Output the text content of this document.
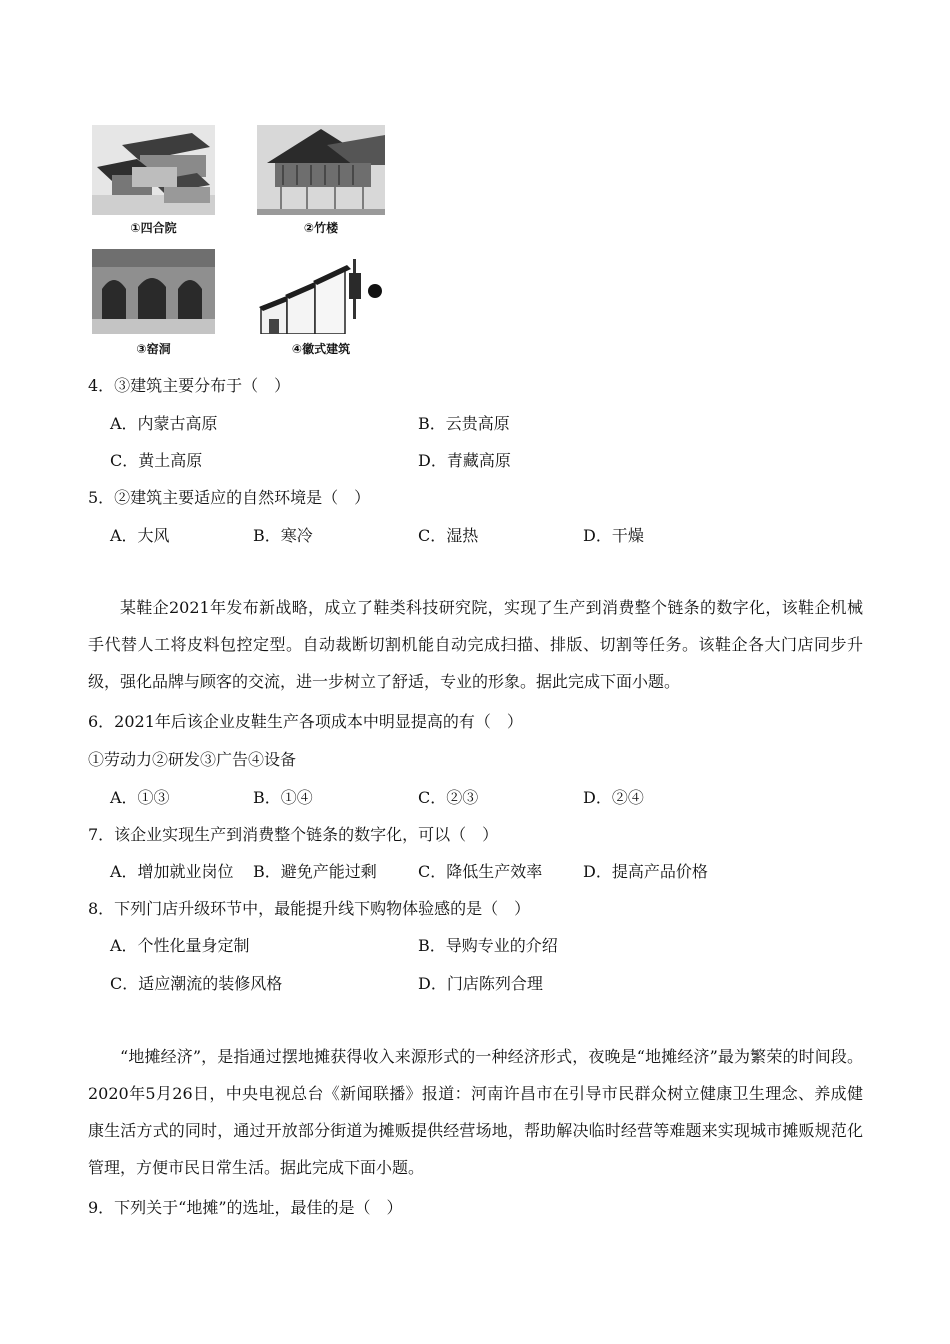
①四合院	②竹楼
③窑洞	④徽式建筑
4．③建筑主要分布于（　）
A．内蒙古高原	B．云贵高原
C．黄土高原	D．青藏高原
5．②建筑主要适应的自然环境是（　）
A．大风	B．寒冷	C．湿热	D．干燥
某鞋企2021年发布新战略，成立了鞋类科技研究院，实现了生产到消费整个链条的数字化，该鞋企机械手代替人工将皮料包控定型。自动裁断切割机能自动完成扫描、排版、切割等任务。该鞋企各大门店同步升级，强化品牌与顾客的交流，进一步树立了舒适，专业的形象。据此完成下面小题。
6．2021年后该企业皮鞋生产各项成本中明显提高的有（　）
①劳动力②研发③广告④设备
A．①③	B．①④	C．②③	D．②④
7．该企业实现生产到消费整个链条的数字化，可以（　）
A．增加就业岗位 B．避免产能过剩	C．降低生产效率	D．提高产品价格
8．下列门店升级环节中，最能提升线下购物体验感的是（　）
A．个性化量身定制	B．导购专业的介绍
C．适应潮流的装修风格	D．门店陈列合理
“地摊经济”，是指通过摆地摊获得收入来源形式的一种经济形式，夜晚是“地摊经济”最为繁荣的时间段。2020年5月26日，中央电视总台《新闻联播》报道：河南许昌市在引导市民群众树立健康卫生理念、养成健康生活方式的同时，通过开放部分街道为摊贩提供经营场地，帮助解决临时经营等难题来实现城市摊贩规范化管理，方便市民日常生活。据此完成下面小题。
9．下列关于“地摊”的选址，最佳的是（　）
